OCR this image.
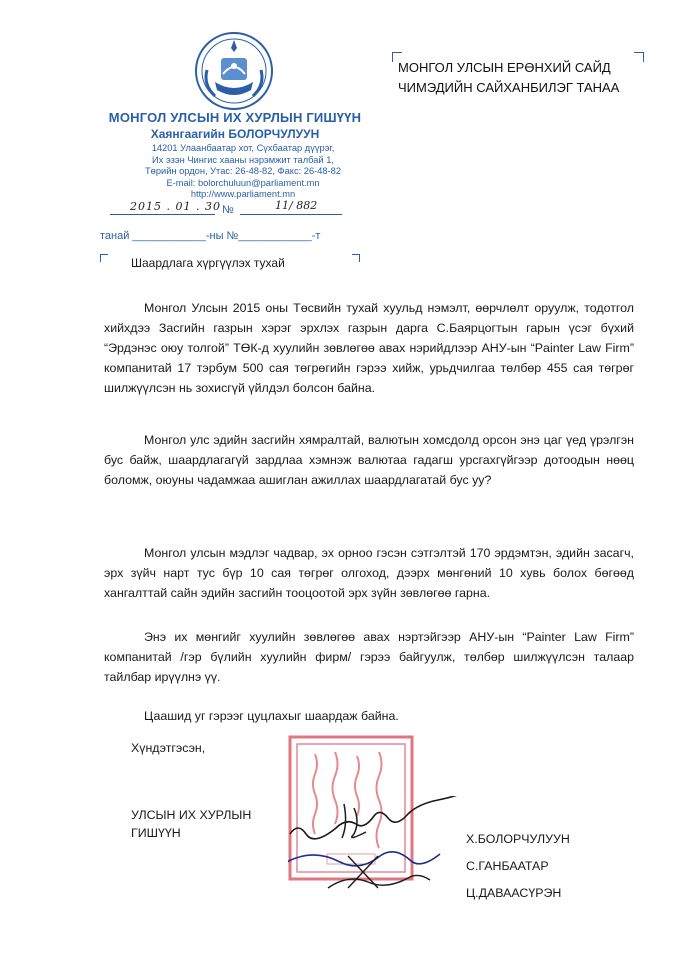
МОНГОЛ УЛСЫН ИХ ХУРЛЫН ГИШҮҮН
Хаянгаагийн БОЛОРЧУЛУУН
14201 Улаанбаатар хот, Сүхбаатар дүүрэг,
Их эзэн Чингис хааны нэрэмжит талбай 1,
Төрийн ордон, Утас: 26-48-82, Факс: 26-48-82
E-mail: bolorchuluun@parliament.mn
http://www.parliament.mn
2015 . 01 . 30 №	11/ 882
танай ____________-ны №____________-т
Шаардлага хүргүүлэх тухай
МОНГОЛ УЛСЫН ЕРӨНХИЙ САЙД
ЧИМЭДИЙН САЙХАНБИЛЭГ ТАНАА
Монгол Улсын 2015 оны Төсвийн тухай хуульд нэмэлт, өөрчлөлт оруулж, тодотгол хийхдээ Засгийн газрын хэрэг эрхлэх газрын дарга С.Баярцогтын гарын үсэг бүхий “Эрдэнэс оюу толгой” ТӨК-д хуулийн зөвлөгөө авах нэрийдлээр АНУ-ын “Painter Law Firm” компанитай 17 тэрбум 500 сая төгрөгийн гэрээ хийж, урьдчилгаа төлбөр 455 сая төгрөг шилжүүлсэн нь зохисгүй үйлдэл болсон байна.
Монгол улс эдийн засгийн хямралтай, валютын хомсдолд орсон энэ цаг үед үрэлгэн бус байж, шаардлагагүй зардлаа хэмнэж валютаа гадагш урсгахгүйгээр дотоодын нөөц боломж, оюуны чадамжаа ашиглан ажиллах шаардлагатай бус уу?
Монгол улсын мэдлэг чадвар, эх орноо гэсэн сэтгэлтэй 170 эрдэмтэн, эдийн засагч, эрх зүйч нарт тус бүр 10 сая төгрөг олгоход, дээрх мөнгөний 10 хувь болох бөгөөд хангалттай сайн эдийн засгийн тооцоотой эрх зүйн зөвлөгөө гарна.
Энэ их мөнгийг хуулийн зөвлөгөө авах нэртэйгээр АНУ-ын “Painter Law Firm” компанитай /гэр бүлийн хуулийн фирм/ гэрээ байгуулж, төлбөр шилжүүлсэн талаар тайлбар ирүүлнэ үү.
Цаашид уг гэрээг цуцлахыг шаардаж байна.
Хүндэтгэсэн,
УЛСЫН ИХ ХУРЛЫН
ГИШҮҮН	Х.БОЛОРЧУЛУУН
С.ГАНБААТАР
Ц.ДАВААСҮРЭН
